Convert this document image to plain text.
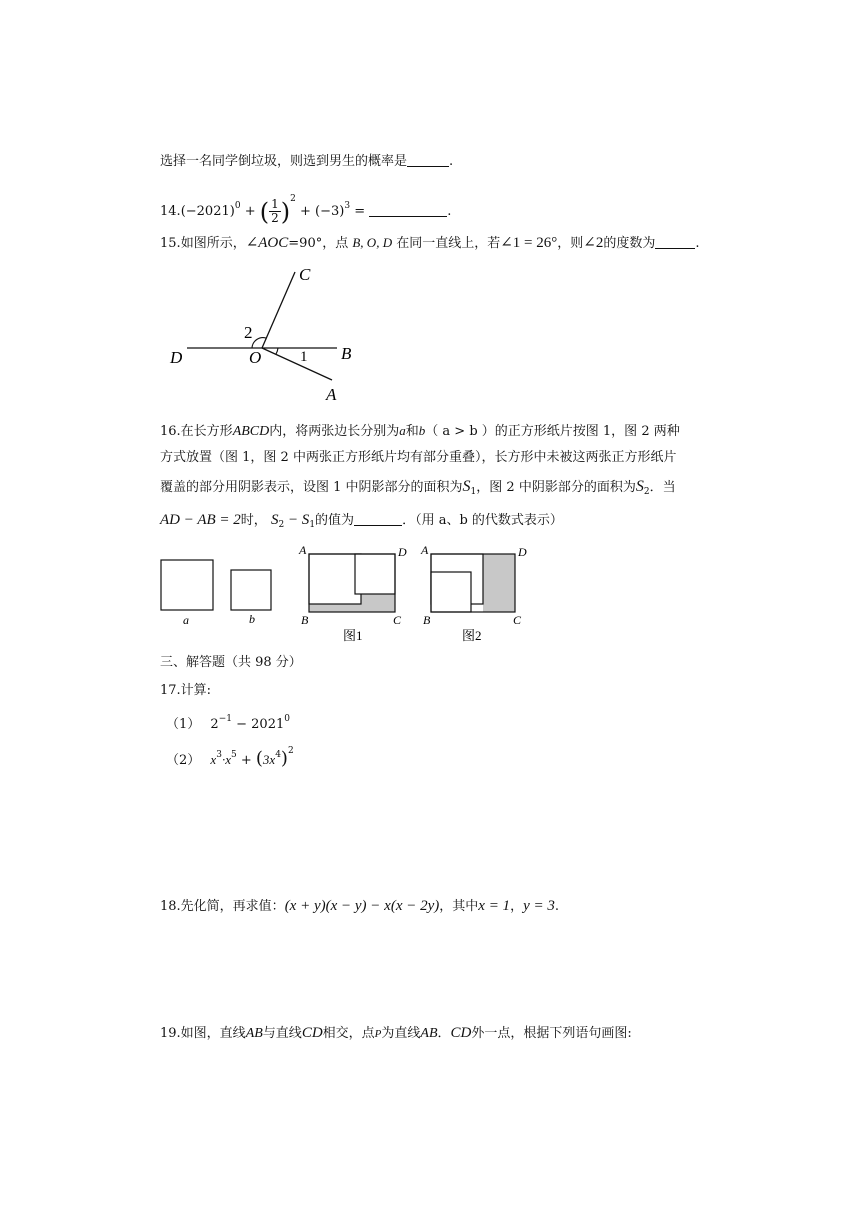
选择一名同学倒垃圾，则选到男生的概率是	.
$14.(-2021)^0$ + ( $\frac{1}{2} )^2 + (-3)^3$ =	.
15.如图所示，∠AOC=90°，点 B, O, D 在同一直线上，若∠1 = 26°，则∠2的度数为	.
C
2
D	O	1 B
A
16.在长方形ABCD内，将两张边长分别为a和b（ a > b ）的正方形纸片按图 1，图 2 两种
方式放置（图 1，图 2 中两张正方形纸片均有部分重叠），长方形中未被这两张正方形纸片
覆盖的部分用阴影表示，设图 1 中阴影部分的面积为$S_1$，图 2 中阴影部分的面积为$S_2$．当
AD − AB = 2时， $S_2 - S_1$的值为	．（用 a、b 的代数式表示）
a	b
A	D
B	C
图1
A	D
B	C
图2
三、解答题（共 98 分）
17.计算:
（1） $2^{-1} - 2021^0$
（2） $x^3\cdot x^5 + (3x^4)^2$
18.先化简，再求值：(x + y)(x − y) − x(x − 2y)，其中x = 1，y = 3.
19.如图，直线AB与直线CD相交，点P为直线AB．CD外一点，根据下列语句画图:
